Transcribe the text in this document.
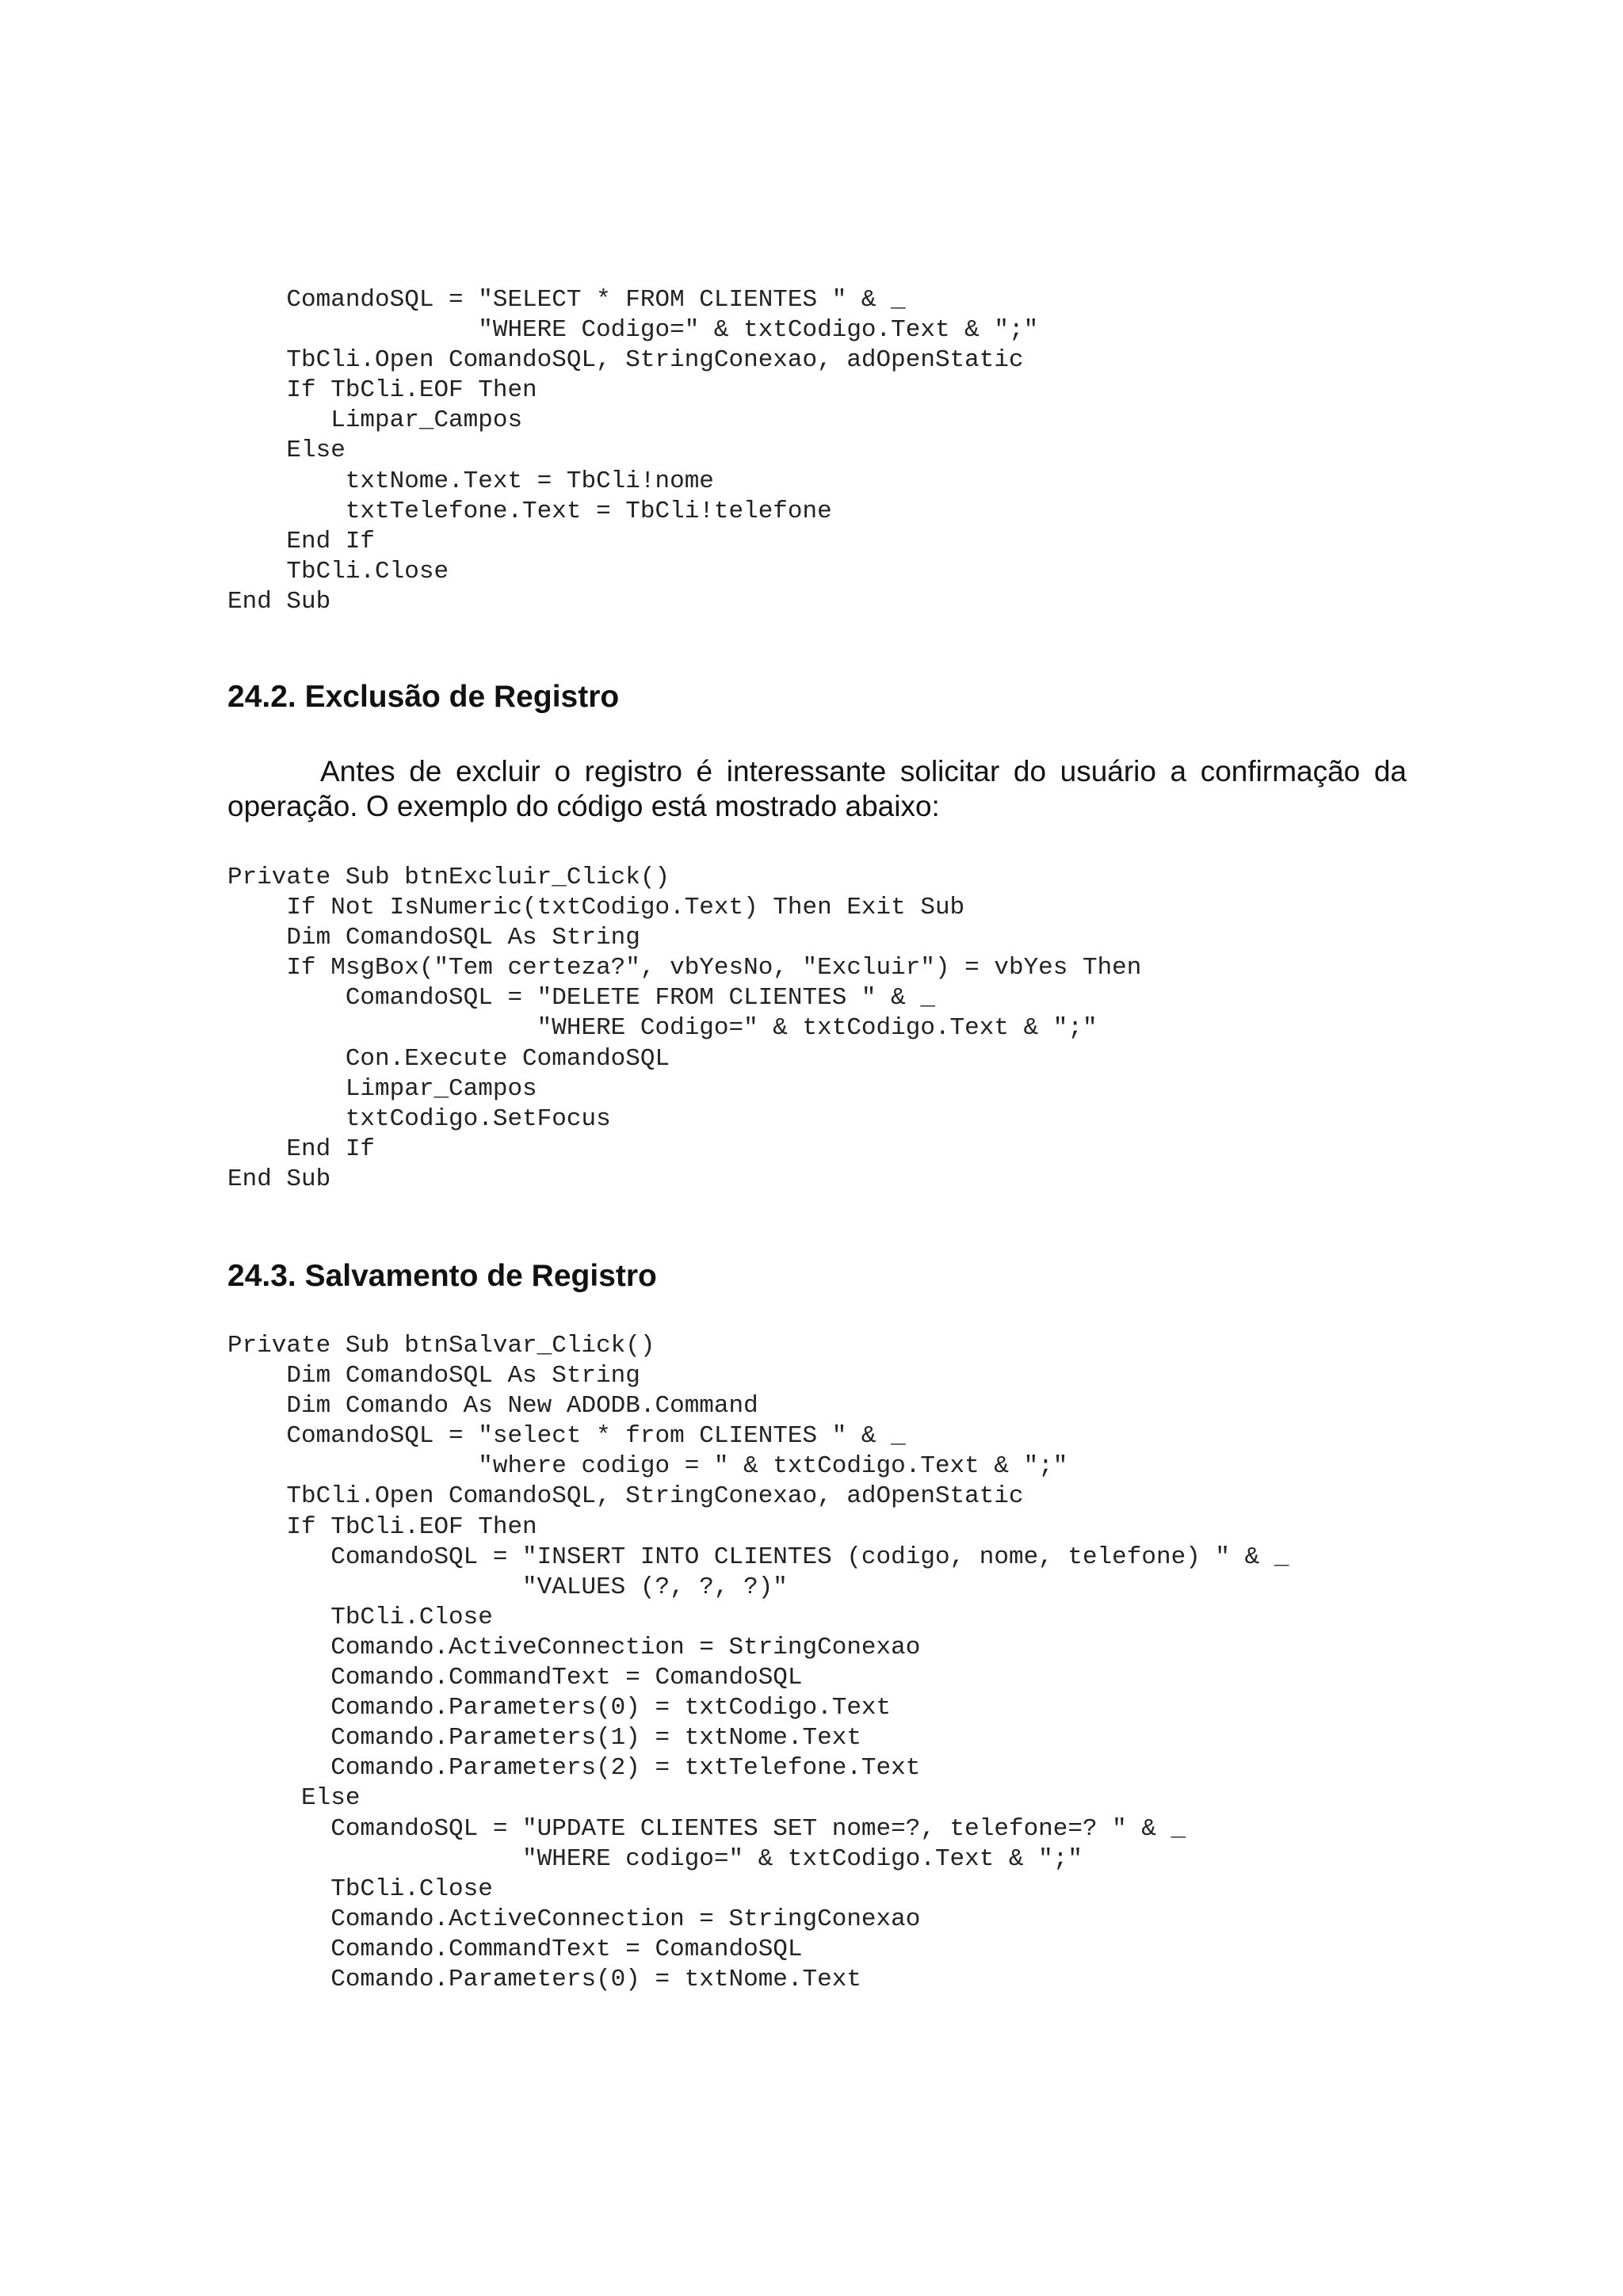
ComandoSQL = "SELECT * FROM CLIENTES " & _
"WHERE Codigo=" & txtCodigo.Text & ";"
TbCli.Open ComandoSQL, StringConexao, adOpenStatic
If TbCli.EOF Then
Limpar_Campos
Else
txtNome.Text = TbCli!nome
txtTelefone.Text = TbCli!telefone
End If
TbCli.Close
End Sub
24.2. Exclusão de Registro

Antes de excluir o registro é interessante solicitar do usuário a confirmação da
operação. O exemplo do código está mostrado abaixo:

Private Sub btnExcluir_Click()
If Not IsNumeric(txtCodigo.Text) Then Exit Sub
Dim ComandoSQL As String
If MsgBox("Tem certeza?", vbYesNo, "Excluir") = vbYes Then
ComandoSQL = "DELETE FROM CLIENTES " & _
"WHERE Codigo=" & txtCodigo.Text & ";"
Con.Execute ComandoSQL
Limpar_Campos
txtCodigo.SetFocus
End If
End Sub
24.3. Salvamento de Registro
Private Sub btnSalvar_Click()
Dim ComandoSQL As String
Dim Comando As New ADODB.Command
ComandoSQL = "select * from CLIENTES " & _
"where codigo = " & txtCodigo.Text & ";"
TbCli.Open ComandoSQL, StringConexao, adOpenStatic
If TbCli.EOF Then
ComandoSQL = "INSERT INTO CLIENTES (codigo, nome, telefone) " & _
"VALUES (?, ?, ?)"
TbCli.Close
Comando.ActiveConnection = StringConexao
Comando.CommandText = ComandoSQL
Comando.Parameters(0) = txtCodigo.Text
Comando.Parameters(1) = txtNome.Text
Comando.Parameters(2) = txtTelefone.Text
Else
ComandoSQL = "UPDATE CLIENTES SET nome=?, telefone=? " & _
"WHERE codigo=" & txtCodigo.Text & ";"
TbCli.Close
Comando.ActiveConnection = StringConexao
Comando.CommandText = ComandoSQL
Comando.Parameters(0) = txtNome.Text
